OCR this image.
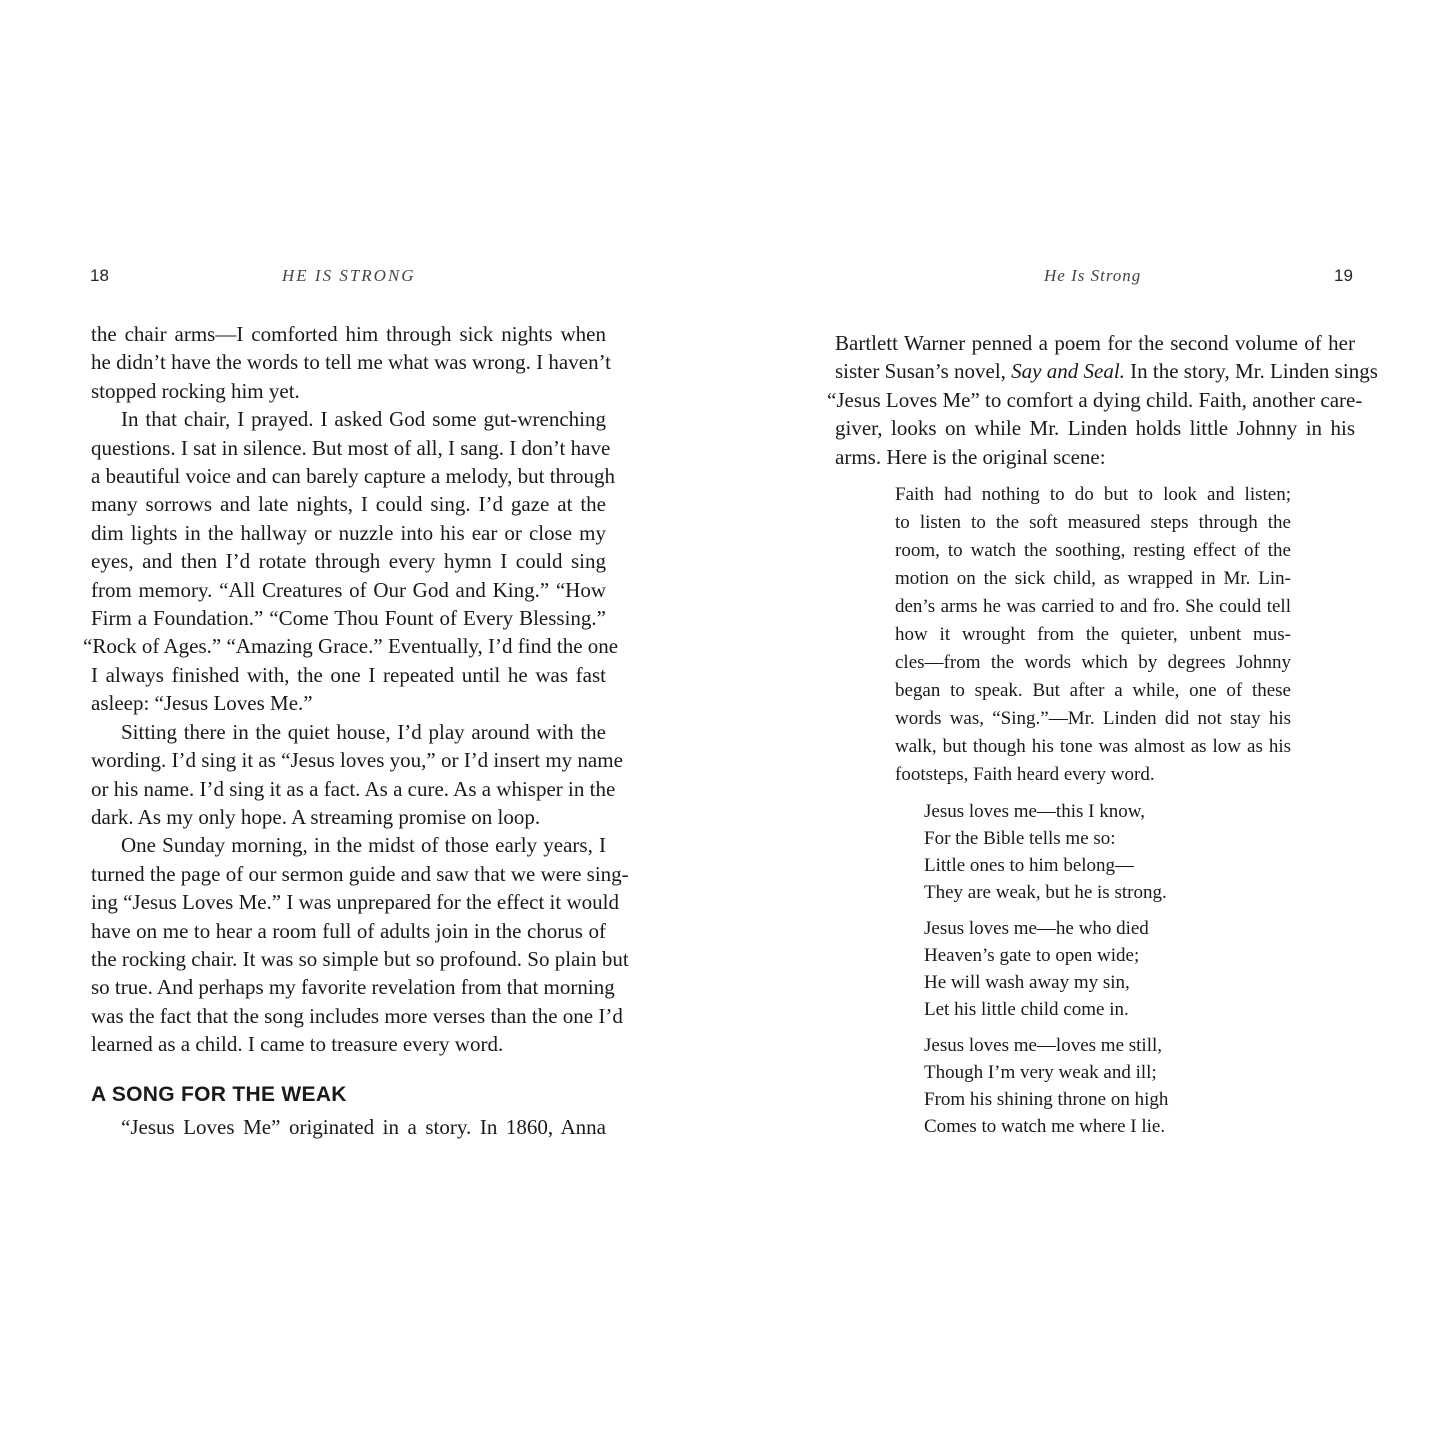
18	HE IS STRONG
the chair arms—I comforted him through sick nights when
he didn’t have the words to tell me what was wrong. I haven’t
stopped rocking him yet.
In that chair, I prayed. I asked God some gut-wrenching
questions. I sat in silence. But most of all, I sang. I don’t have
a beautiful voice and can barely capture a melody, but through
many sorrows and late nights, I could sing. I’d gaze at the
dim lights in the hallway or nuzzle into his ear or close my
eyes, and then I’d rotate through every hymn I could sing
from memory. “All Creatures of Our God and King.” “How
Firm a Foundation.” “Come Thou Fount of Every Blessing.”
“Rock of Ages.” “Amazing Grace.” Eventually, I’d find the one
I always finished with, the one I repeated until he was fast
asleep: “Jesus Loves Me.”
Sitting there in the quiet house, I’d play around with the
wording. I’d sing it as “Jesus loves you,” or I’d insert my name
or his name. I’d sing it as a fact. As a cure. As a whisper in the
dark. As my only hope. A streaming promise on loop.
One Sunday morning, in the midst of those early years, I
turned the page of our sermon guide and saw that we were sing-
ing “Jesus Loves Me.” I was unprepared for the effect it would
have on me to hear a room full of adults join in the chorus of
the rocking chair. It was so simple but so profound. So plain but
so true. And perhaps my favorite revelation from that morning
was the fact that the song includes more verses than the one I’d
learned as a child. I came to treasure every word.
A SONG FOR THE WEAK
“Jesus Loves Me” originated in a story. In 1860, Anna
He Is Strong	19
Bartlett Warner penned a poem for the second volume of her
sister Susan’s novel, Say and Seal. In the story, Mr. Linden sings
“Jesus Loves Me” to comfort a dying child. Faith, another care-
giver, looks on while Mr. Linden holds little Johnny in his
arms. Here is the original scene:
Faith had nothing to do but to look and listen;
to listen to the soft measured steps through the
room, to watch the soothing, resting effect of the
motion on the sick child, as wrapped in Mr. Lin-
den’s arms he was carried to and fro. She could tell
how it wrought from the quieter, unbent mus-
cles—from the words which by degrees Johnny
began to speak. But after a while, one of these
words was, “Sing.”—Mr. Linden did not stay his
walk, but though his tone was almost as low as his
footsteps, Faith heard every word.
Jesus loves me—this I know,
For the Bible tells me so:
Little ones to him belong—
They are weak, but he is strong.
Jesus loves me—he who died
Heaven’s gate to open wide;
He will wash away my sin,
Let his little child come in.
Jesus loves me—loves me still,
Though I’m very weak and ill;
From his shining throne on high
Comes to watch me where I lie.
